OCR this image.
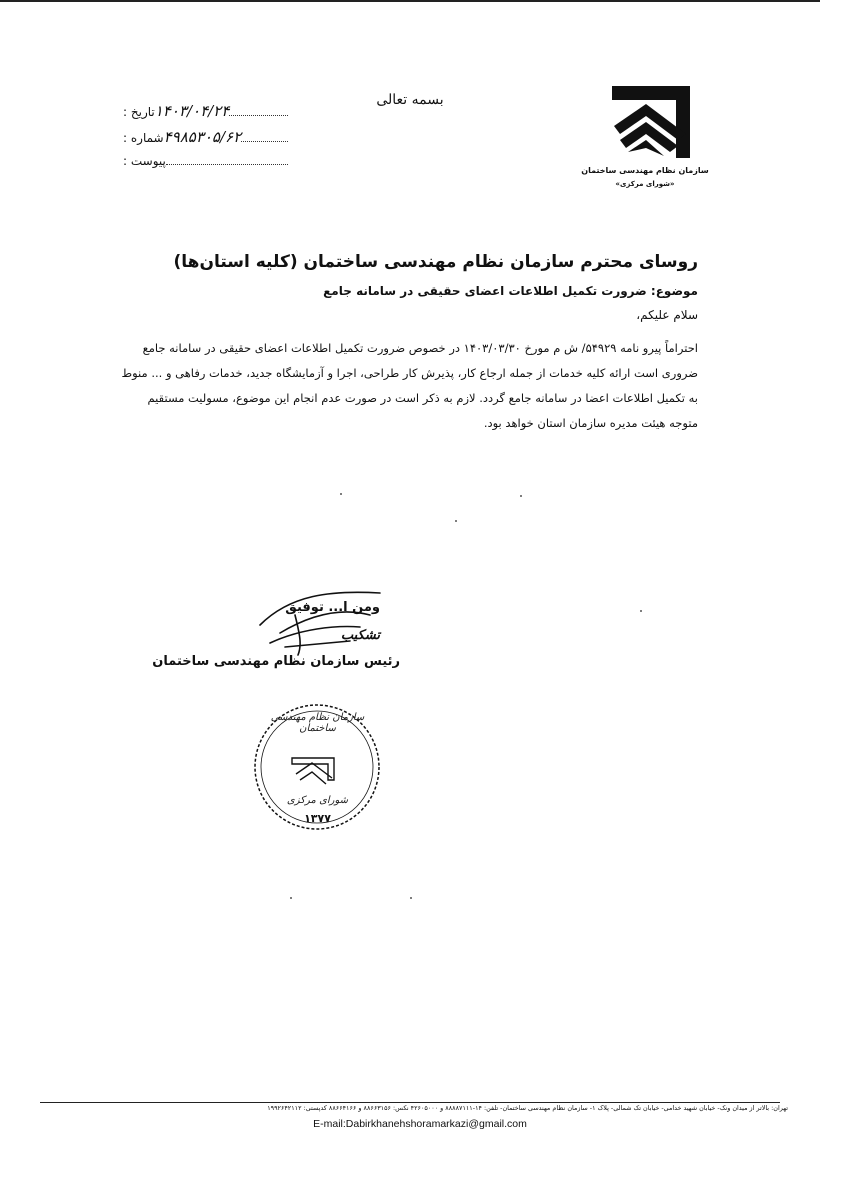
بسمه تعالی
تاریخ : ۱۴۰۳/۰۴/۲۴
شماره : ۴۹۸۵۳۰۵/۶۲
پیوست :
سازمان نظام مهندسی ساختمان
«شورای مرکزی»
روسای محترم سازمان نظام مهندسی ساختمان (کلیه استان‌ها)
موضوع: ضرورت تکمیل اطلاعات اعضای حقیقی در سامانه جامع
سلام علیکم،
احتراماً پیرو نامه ۵۴۹۲۹/ ش م مورخ ۱۴۰۳/۰۳/۳۰ در خصوص ضرورت تکمیل اطلاعات اعضای حقیقی در سامانه جامع ضروری است ارائه کلیه خدمات از جمله ارجاع کار، پذیرش کار طراحی، اجرا و آزمایشگاه جدید، خدمات رفاهی و ... منوط به تکمیل اطلاعات اعضا در سامانه جامع گردد. لازم به ذکر است در صورت عدم انجام این موضوع، مسولیت مستقیم متوجه هیئت مدیره سازمان استان خواهد بود.
ومن ا... توفیق
تشکیب
رئیس سازمان نظام مهندسی ساختمان
سازمان نظام مهندسی ساختمان
شورای مرکزی
۱۳۷۷
تهران: بالاتر از میدان ونک- خیابان شهید خدامی- خیابان تک شمالی- پلاک ۱- سازمان نظام مهندسی ساختمان- تلفن: ۱۴-۸۸۸۸۷۱۱۱ و ۴۲۶۰۵۰۰۰ نکس: ۸۸۶۶۳۱۵۶ و ۸۸۶۶۴۱۶۶ کدپستی: ۱۹۹۲۶۴۲۱۱۲
E-mail:Dabirkhanehshoramarkazi@gmail.com
